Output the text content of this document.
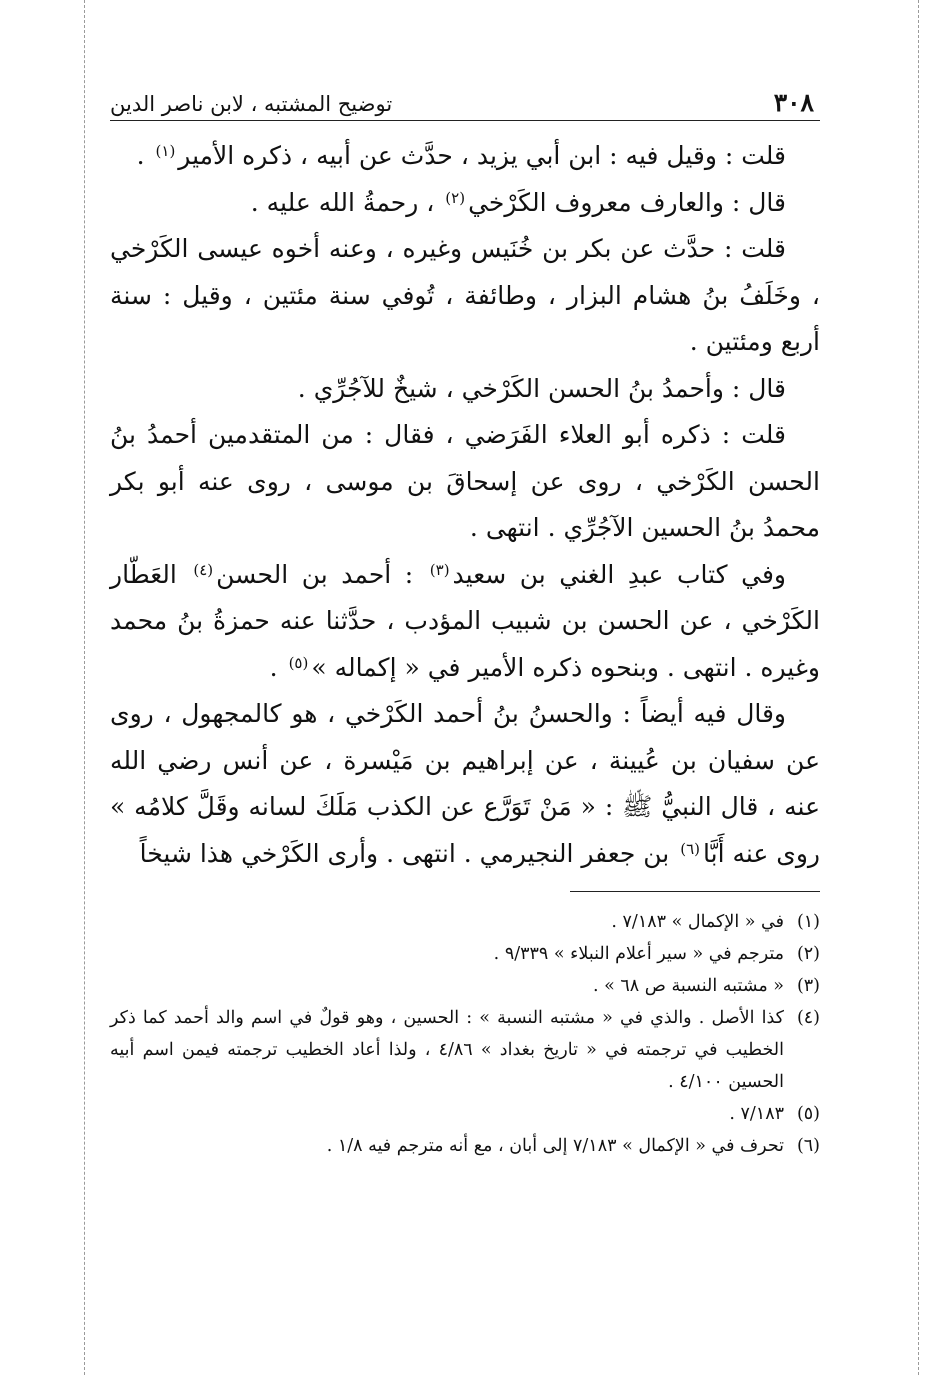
٣٠٨
توضيح المشتبه ، لابن ناصر الدين

قلت : وقيل فيه : ابن أبي يزيد ، حدَّث عن أبيه ، ذكره الأمير$^{(١)}$ .

قال : والعارف معروف الكَرْخي$^{(٢)}$ ، رحمةُ الله عليه .

قلت : حدَّث عن بكر بن خُنَيس وغيره ، وعنه أخوه عيسى الكَرْخي ، وخَلَفُ بنُ هشام البزار ، وطائفة ، تُوفي سنة مئتين ، وقيل : سنة أربع ومئتين .

قال : وأحمدُ بنُ الحسن الكَرْخي ، شيخٌ للآجُرِّي .

قلت : ذكره أبو العلاء الفَرَضي ، فقال : من المتقدمين أحمدُ بنُ الحسن الكَرْخي ، روى عن إسحاقَ بن موسى ، روى عنه أبو بكر محمدُ بنُ الحسين الآجُرِّي . انتهى .

وفي كتاب عبدِ الغني بن سعيد$^{(٣)}$ : أحمد بن الحسن$^{(٤)}$ العَطّار الكَرْخي ، عن الحسن بن شبيب المؤدب ، حدَّثنا عنه حمزةُ بنُ محمد وغيره . انتهى . وبنحوه ذكره الأمير في « إكماله »$^{(٥)}$ .

وقال فيه أيضاً : والحسنُ بنُ أحمد الكَرْخي ، هو كالمجهول ، روى عن سفيان بن عُيينة ، عن إبراهيم بن مَيْسرة ، عن أنس رضي الله عنه ، قال النبيُّ ﷺ : « مَنْ تَوَرَّع عن الكذب مَلَكَ لسانه وقَلَّ كلامُه » روى عنه أَبَّا$^{(٦)}$ بن جعفر النجيرمي . انتهى . وأرى الكَرْخي هذا شيخاً

(١)
في « الإكمال » ٧/١٨٣ .
(٢)
مترجم في « سير أعلام النبلاء » ٩/٣٣٩ .
(٣)
« مشتبه النسبة ص ٦٨ » .
(٤)
كذا الأصل . والذي في « مشتبه النسبة » : الحسين ، وهو قولٌ في اسم والد أحمد كما ذكر الخطيب في ترجمته في « تاريخ بغداد » ٤/٨٦ ، ولذا أعاد الخطيب ترجمته فيمن اسم أبيه الحسين ٤/١٠٠ .
(٥)
٧/١٨٣ .
(٦)
تحرف في « الإكمال » ٧/١٨٣ إلى أبان ، مع أنه مترجم فيه ١/٨ .
